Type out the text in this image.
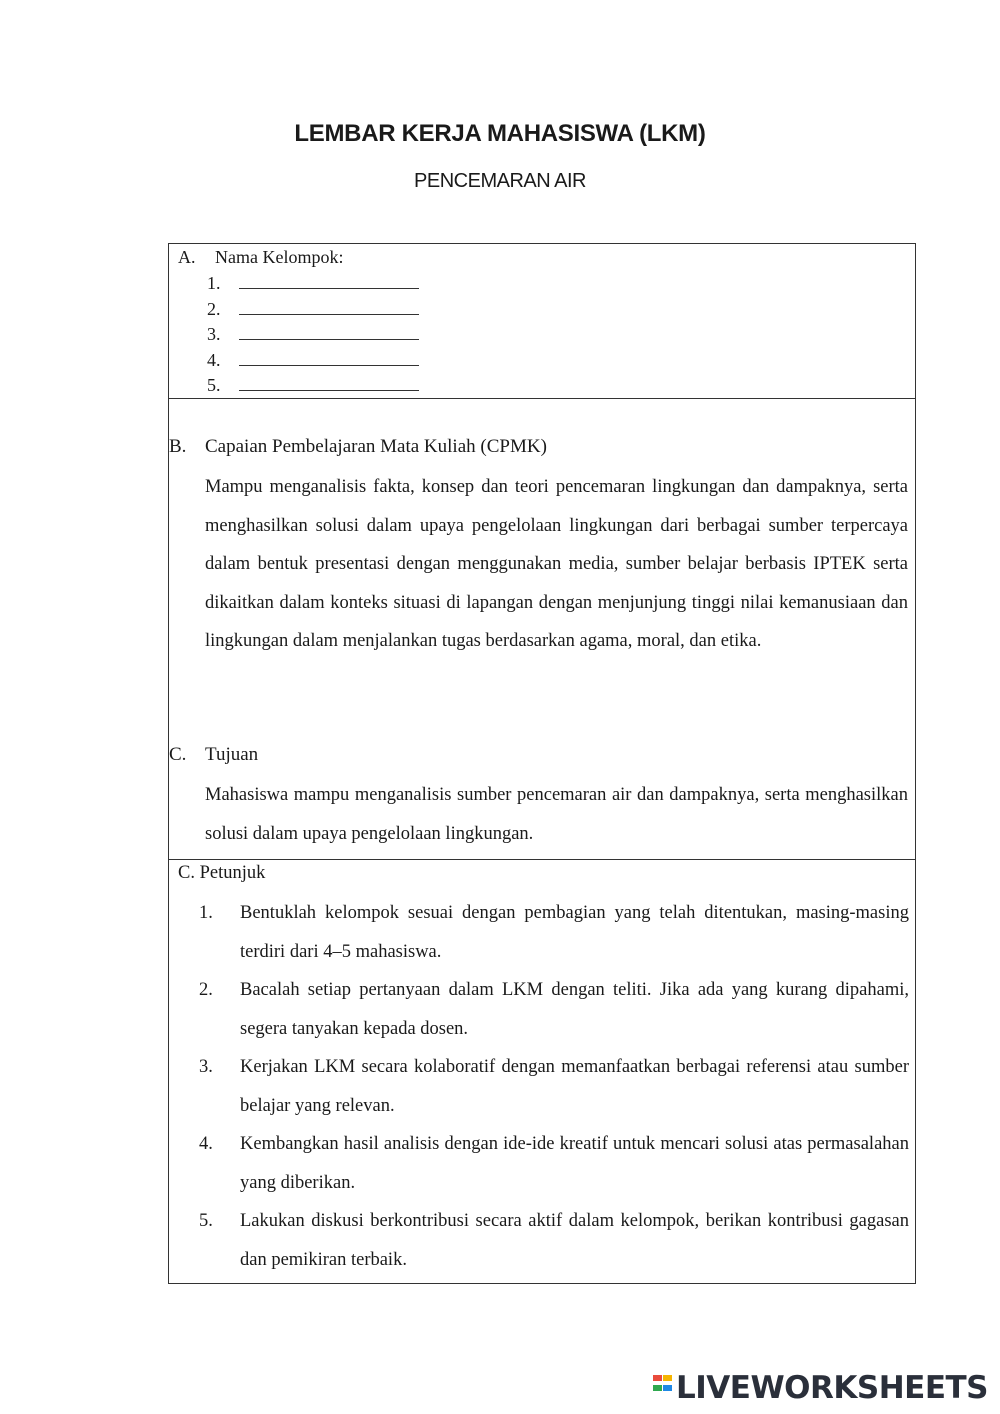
LEMBAR KERJA MAHASISWA (LKM)
PENCEMARAN AIR
A. Nama Kelompok:
1.
2.
3.
4.
5.
B. Capaian Pembelajaran Mata Kuliah (CPMK)
Mampu menganalisis fakta, konsep dan teori pencemaran lingkungan dan dampaknya, serta menghasilkan solusi dalam upaya pengelolaan lingkungan dari berbagai sumber terpercaya dalam bentuk presentasi dengan menggunakan media, sumber belajar berbasis IPTEK serta dikaitkan dalam konteks situasi di lapangan dengan menjunjung tinggi nilai kemanusiaan dan lingkungan dalam menjalankan tugas berdasarkan agama, moral, dan etika.
C. Tujuan
Mahasiswa mampu menganalisis sumber pencemaran air dan dampaknya, serta menghasilkan solusi dalam upaya pengelolaan lingkungan.
C. Petunjuk
1. Bentuklah kelompok sesuai dengan pembagian yang telah ditentukan, masing-masing terdiri dari 4–5 mahasiswa.
2. Bacalah setiap pertanyaan dalam LKM dengan teliti. Jika ada yang kurang dipahami, segera tanyakan kepada dosen.
3. Kerjakan LKM secara kolaboratif dengan memanfaatkan berbagai referensi atau sumber belajar yang relevan.
4. Kembangkan hasil analisis dengan ide-ide kreatif untuk mencari solusi atas permasalahan yang diberikan.
5. Lakukan diskusi berkontribusi secara aktif dalam kelompok, berikan kontribusi gagasan dan pemikiran terbaik.
LIVEWORKSHEETS
